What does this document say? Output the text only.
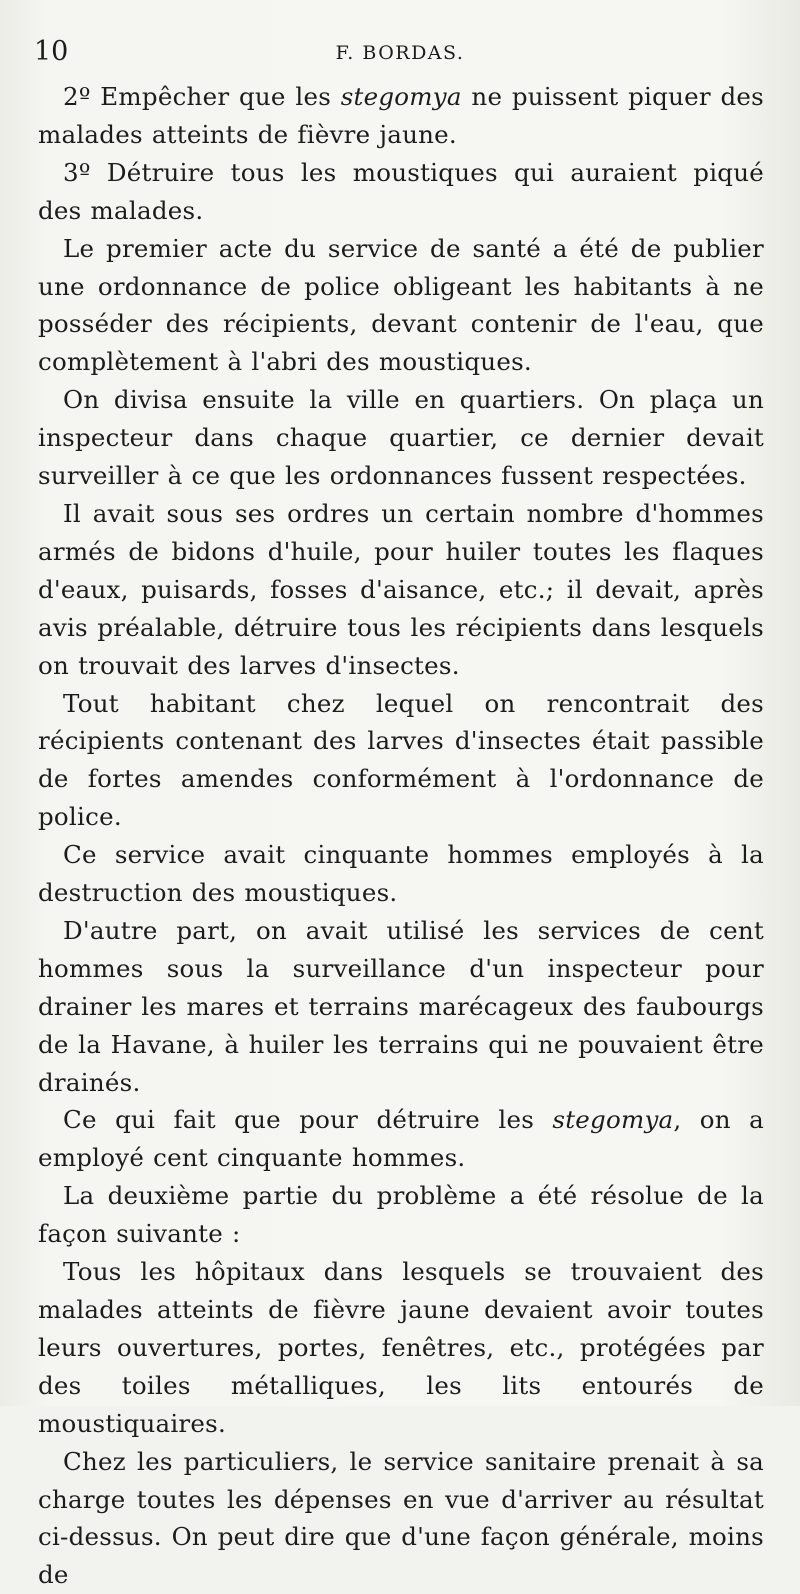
10	F. BORDAS.

2º Empêcher que les stegomya ne puissent piquer des malades atteints de fièvre jaune.

3º Détruire tous les moustiques qui auraient piqué des malades.

Le premier acte du service de santé a été de publier une ordonnance de police obligeant les habitants à ne posséder des récipients, devant contenir de l'eau, que complètement à l'abri des moustiques.

On divisa ensuite la ville en quartiers. On plaça un inspecteur dans chaque quartier, ce dernier devait surveiller à ce que les ordonnances fussent respectées.

Il avait sous ses ordres un certain nombre d'hommes armés de bidons d'huile, pour huiler toutes les flaques d'eaux, puisards, fosses d'aisance, etc.; il devait, après avis préalable, détruire tous les récipients dans lesquels on trouvait des larves d'insectes.

Tout habitant chez lequel on rencontrait des récipients contenant des larves d'insectes était passible de fortes amendes conformément à l'ordonnance de police.

Ce service avait cinquante hommes employés à la destruction des moustiques.

D'autre part, on avait utilisé les services de cent hommes sous la surveillance d'un inspecteur pour drainer les mares et terrains marécageux des faubourgs de la Havane, à huiler les terrains qui ne pouvaient être drainés.

Ce qui fait que pour détruire les stegomya, on a employé cent cinquante hommes.

La deuxième partie du problème a été résolue de la façon suivante :

Tous les hôpitaux dans lesquels se trouvaient des malades atteints de fièvre jaune devaient avoir toutes leurs ouvertures, portes, fenêtres, etc., protégées par des toiles métalliques, les lits entourés de moustiquaires.

Chez les particuliers, le service sanitaire prenait à sa charge toutes les dépenses en vue d'arriver au résultat ci-dessus. On peut dire que d'une façon générale, moins de
